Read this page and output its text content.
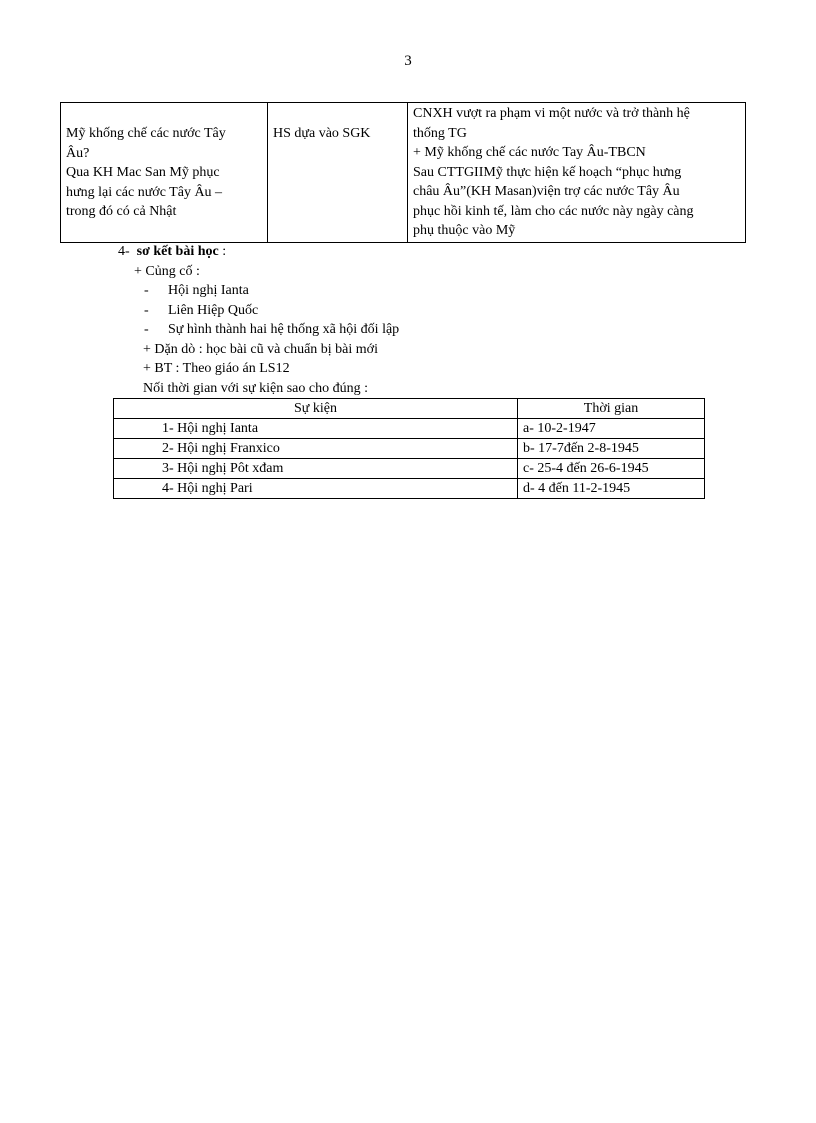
3
Mỹ khống chế các nước Tây
Âu?
Qua KH Mac San Mỹ phục
hưng lại các nước Tây Âu –
trong đó có cả Nhật

HS dựa vào SGK

CNXH vượt ra phạm vi một nước và trở thành hệ
thống TG
+ Mỹ khống chế các nước Tay Âu-TBCN
Sau CTTGIIMỹ thực hiện kế hoạch “phục hưng
châu Âu”(KH Masan)viện trợ các nước Tây Âu
phục hồi kinh tế, làm cho các nước này ngày càng
phụ thuộc vào Mỹ
4- sơ kết bài học :
+ Củng cố :
- Hội nghị Ianta
- Liên Hiệp Quốc
- Sự hình thành hai hệ thống xã hội đối lập
+ Dặn dò : học bài cũ và chuẩn bị bài mới
+ BT : Theo giáo án LS12
Nối thời gian với sự kiện sao cho đúng :
Sự kiện	Thời gian
1- Hội nghị Ianta	a- 10-2-1947
2- Hội nghị Franxico	b- 17-7đến 2-8-1945
3- Hội nghị Pôt xđam	c- 25-4 đến 26-6-1945
4- Hội nghị Pari	d- 4 đến 11-2-1945
